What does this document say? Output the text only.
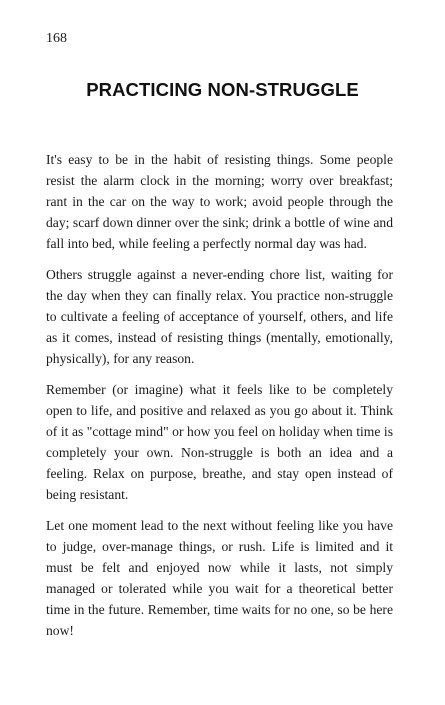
168
PRACTICING NON-STRUGGLE

It's easy to be in the habit of resisting things. Some people resist the alarm clock in the morning; worry over breakfast; rant in the car on the way to work; avoid people through the day; scarf down dinner over the sink; drink a bottle of wine and fall into bed, while feeling a perfectly normal day was had.

Others struggle against a never-ending chore list, waiting for the day when they can finally relax. You practice non-struggle to cultivate a feeling of acceptance of yourself, others, and life as it comes, instead of resisting things (mentally, emotionally, physically), for any reason.

Remember (or imagine) what it feels like to be completely open to life, and positive and relaxed as you go about it. Think of it as "cottage mind" or how you feel on holiday when time is completely your own. Non-struggle is both an idea and a feeling. Relax on purpose, breathe, and stay open instead of being resistant.

Let one moment lead to the next without feeling like you have to judge, over-manage things, or rush. Life is limited and it must be felt and enjoyed now while it lasts, not simply managed or tolerated while you wait for a theoretical better time in the future. Remember, time waits for no one, so be here now!
